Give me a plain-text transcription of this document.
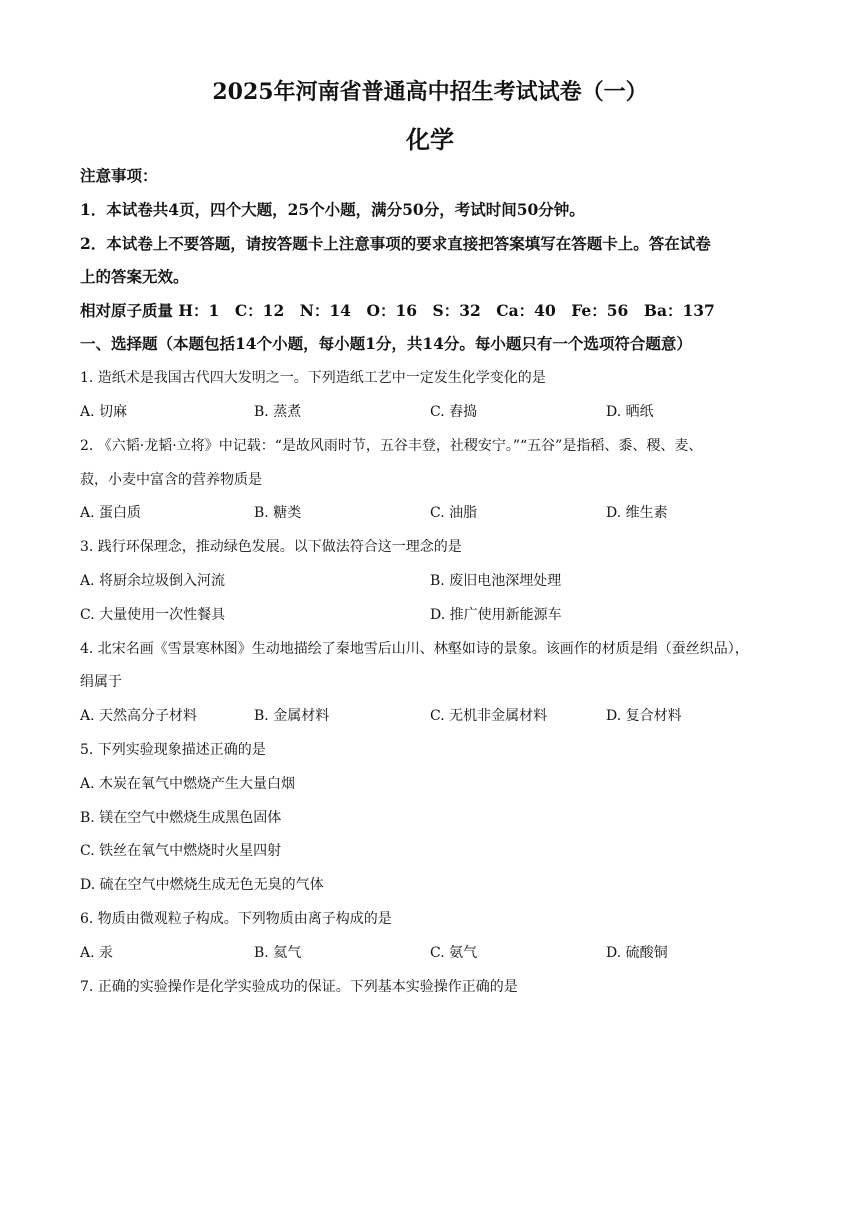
2025年河南省普通高中招生考试试卷（一）
化学
注意事项：
1．本试卷共4页，四个大题，25个小题，满分50分，考试时间50分钟。
2．本试卷上不要答题，请按答题卡上注意事项的要求直接把答案填写在答题卡上。答在试卷
上的答案无效。
相对原子质量 H：1　C：12　N：14　O：16　S：32　Ca：40　Fe：56　Ba：137
一、选择题（本题包括14个小题，每小题1分，共14分。每小题只有一个选项符合题意）
1. 造纸术是我国古代四大发明之一。下列造纸工艺中一定发生化学变化的是
A. 切麻	B. 蒸煮	C. 舂捣	D. 晒纸
2. 《六韬·龙韬·立将》中记载：“是故风雨时节，五谷丰登，社稷安宁。”“五谷”是指稻、黍、稷、麦、
菽，小麦中富含的营养物质是
A. 蛋白质	B. 糖类	C. 油脂	D. 维生素
3. 践行环保理念，推动绿色发展。以下做法符合这一理念的是
A. 将厨余垃圾倒入河流	B. 废旧电池深埋处理
C. 大量使用一次性餐具	D. 推广使用新能源车
4. 北宋名画《雪景寒林图》生动地描绘了秦地雪后山川、林壑如诗的景象。该画作的材质是绢（蚕丝织品），
绢属于
A. 天然高分子材料	B. 金属材料	C. 无机非金属材料	D. 复合材料
5. 下列实验现象描述正确的是
A. 木炭在氧气中燃烧产生大量白烟
B. 镁在空气中燃烧生成黑色固体
C. 铁丝在氧气中燃烧时火星四射
D. 硫在空气中燃烧生成无色无臭的气体
6. 物质由微观粒子构成。下列物质由离子构成的是
A. 汞	B. 氦气	C. 氨气	D. 硫酸铜
7. 正确的实验操作是化学实验成功的保证。下列基本实验操作正确的是
